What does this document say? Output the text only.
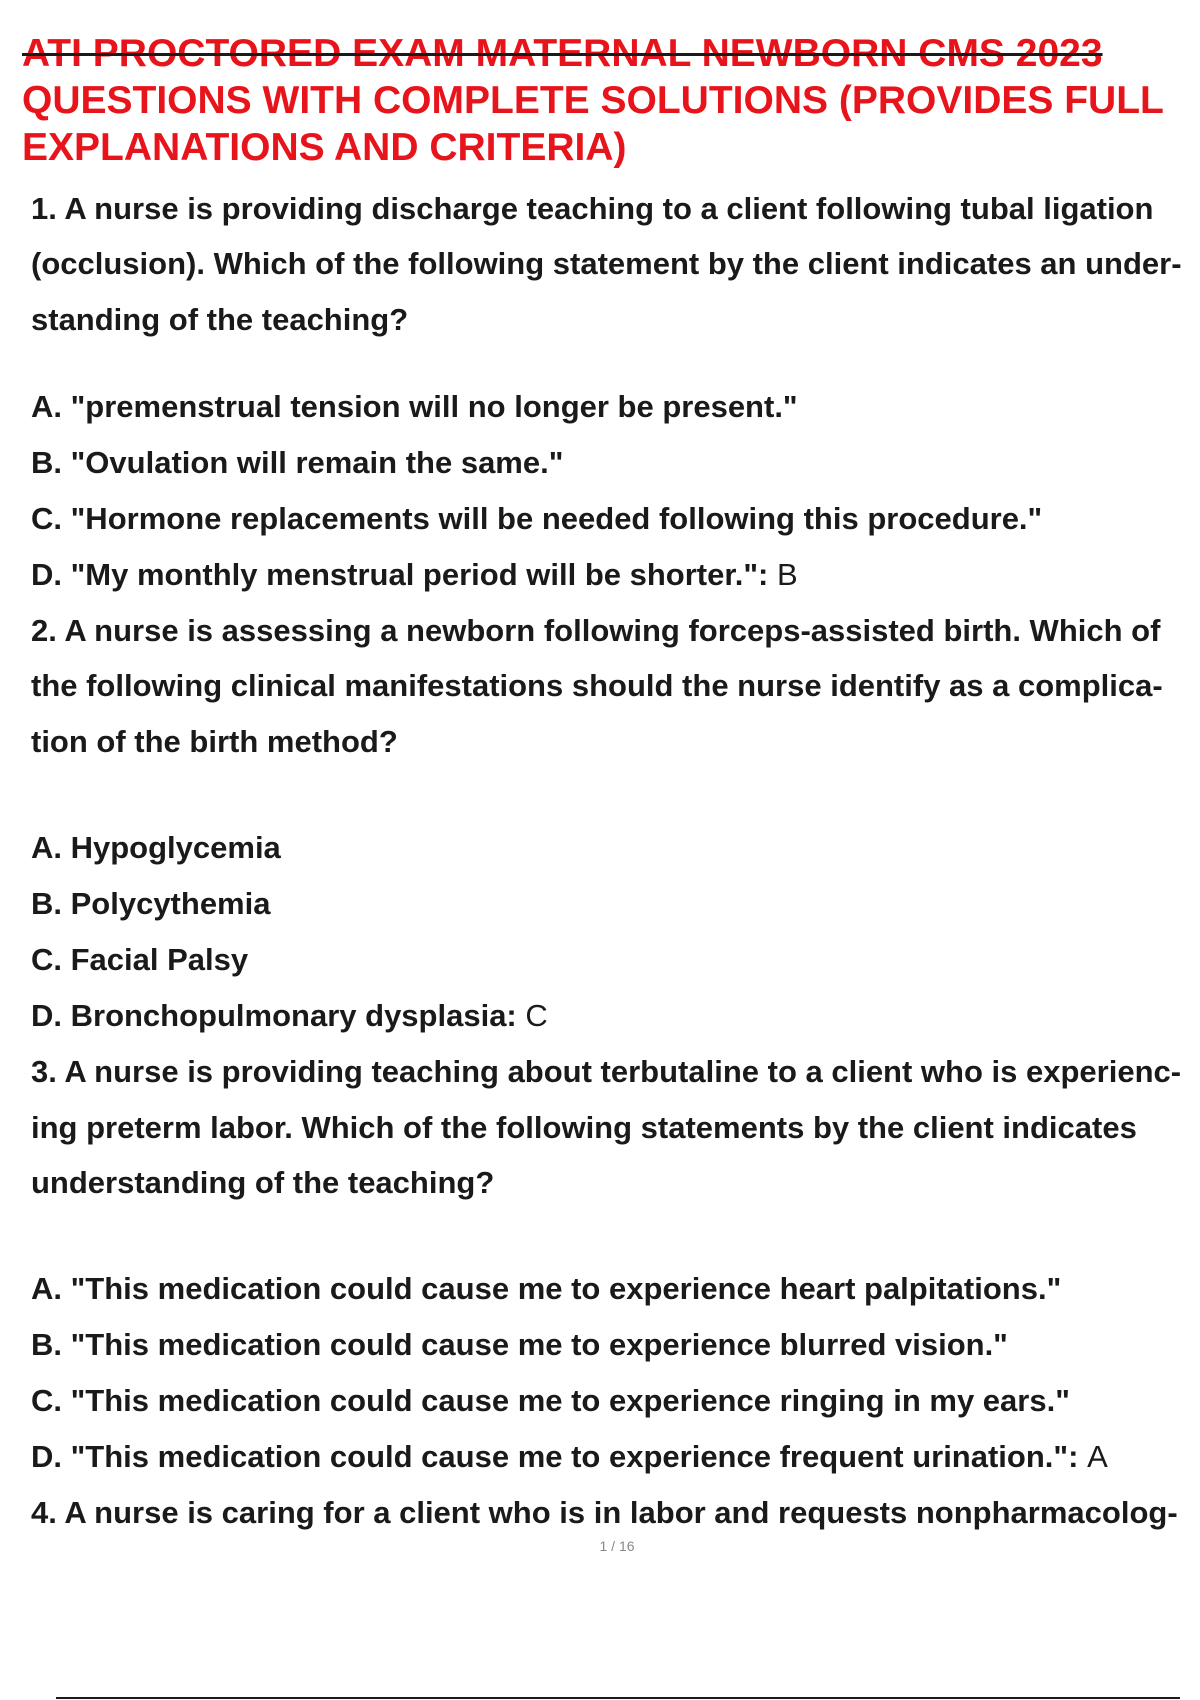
ATI PROCTORED EXAM MATERNAL NEWBORN CMS 2023
QUESTIONS WITH COMPLETE SOLUTIONS (PROVIDES FULL
EXPLANATIONS AND CRITERIA)
1. A nurse is providing discharge teaching to a client following tubal ligation
(occlusion). Which of the following statement by the client indicates an under-
standing of the teaching?
A. "premenstrual tension will no longer be present."
B. "Ovulation will remain the same."
C. "Hormone replacements will be needed following this procedure."
D. "My monthly menstrual period will be shorter.": B
2. A nurse is assessing a newborn following forceps-assisted birth. Which of
the following clinical manifestations should the nurse identify as a complica-
tion of the birth method?
A. Hypoglycemia
B. Polycythemia
C. Facial Palsy
D. Bronchopulmonary dysplasia: C
3. A nurse is providing teaching about terbutaline to a client who is experienc-
ing preterm labor. Which of the following statements by the client indicates
understanding of the teaching?
A. "This medication could cause me to experience heart palpitations."
B. "This medication could cause me to experience blurred vision."
C. "This medication could cause me to experience ringing in my ears."
D. "This medication could cause me to experience frequent urination.": A
4. A nurse is caring for a client who is in labor and requests nonpharmacolog-
1 / 16
